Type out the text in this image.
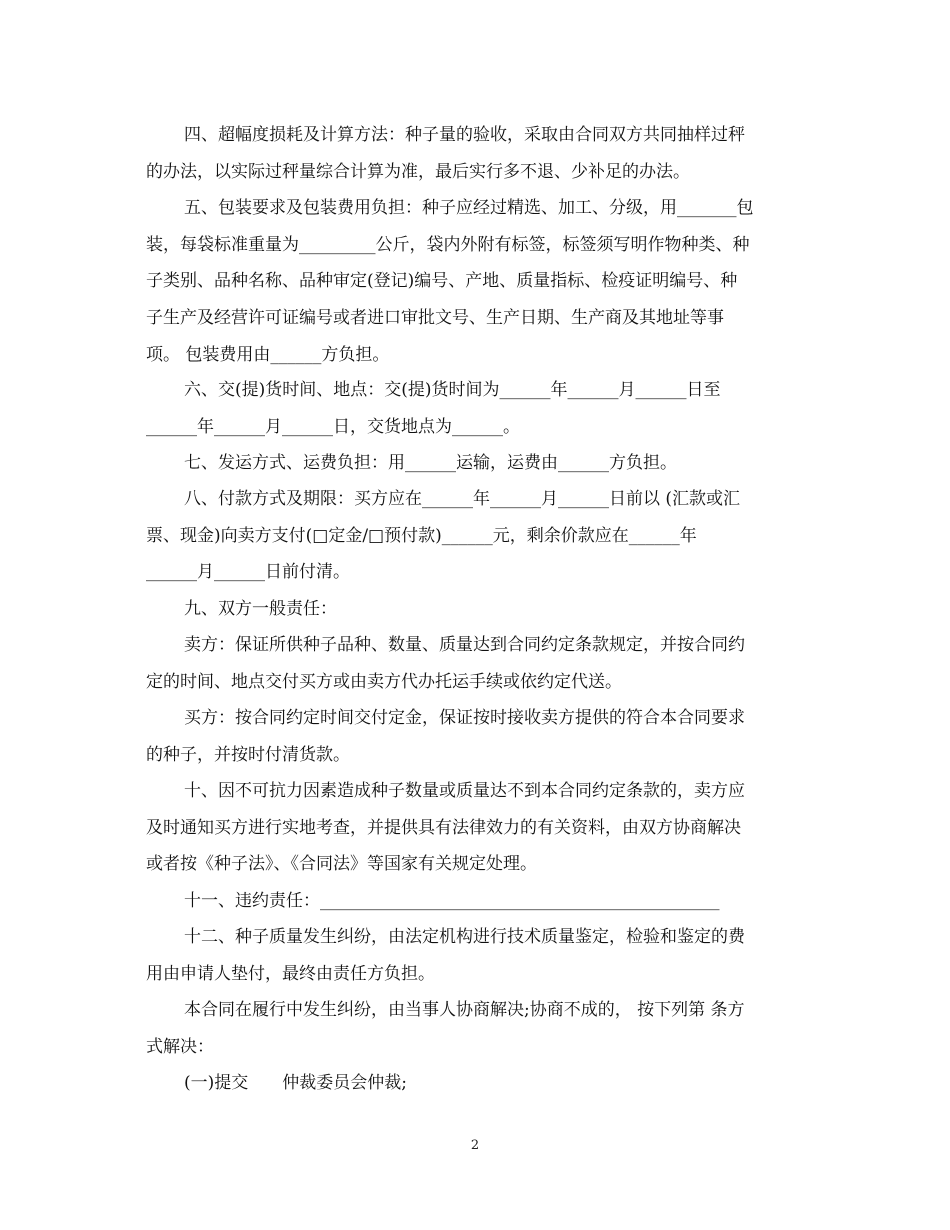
四、超幅度损耗及计算方法：种子量的验收，采取由合同双方共同抽样过秤
的办法，以实际过秤量综合计算为准，最后实行多不退、少补足的办法。
五、包装要求及包装费用负担：种子应经过精选、加工、分级，用_______包
装，每袋标准重量为_________公斤，袋内外附有标签，标签须写明作物种类、种
子类别、品种名称、品种审定(登记)编号、产地、质量指标、检疫证明编号、种
子生产及经营许可证编号或者进口审批文号、生产日期、生产商及其地址等事
项。 包装费用由______方负担。
六、交(提)货时间、地点：交(提)货时间为______年______月______日至
______年______月______日，交货地点为______。
七、发运方式、运费负担：用______运输，运费由______方负担。
八、付款方式及期限：买方应在______年______月______日前以 (汇款或汇
票、现金)向卖方支付(□定金/□预付款)______元，剩余价款应在______年
______月______日前付清。
九、双方一般责任：
卖方：保证所供种子品种、数量、质量达到合同约定条款规定，并按合同约
定的时间、地点交付买方或由卖方代办托运手续或依约定代送。
买方：按合同约定时间交付定金，保证按时接收卖方提供的符合本合同要求
的种子，并按时付清货款。
十、因不可抗力因素造成种子数量或质量达不到本合同约定条款的，卖方应
及时通知买方进行实地考查，并提供具有法律效力的有关资料，由双方协商解决
或者按《种子法》、《合同法》等国家有关规定处理。
十一、违约责任：_______________________________________________
十二、种子质量发生纠纷，由法定机构进行技术质量鉴定，检验和鉴定的费
用由申请人垫付，最终由责任方负担。
本合同在履行中发生纠纷，由当事人协商解决;协商不成的， 按下列第 条方
式解决：
(一)提交　　仲裁委员会仲裁;
2
